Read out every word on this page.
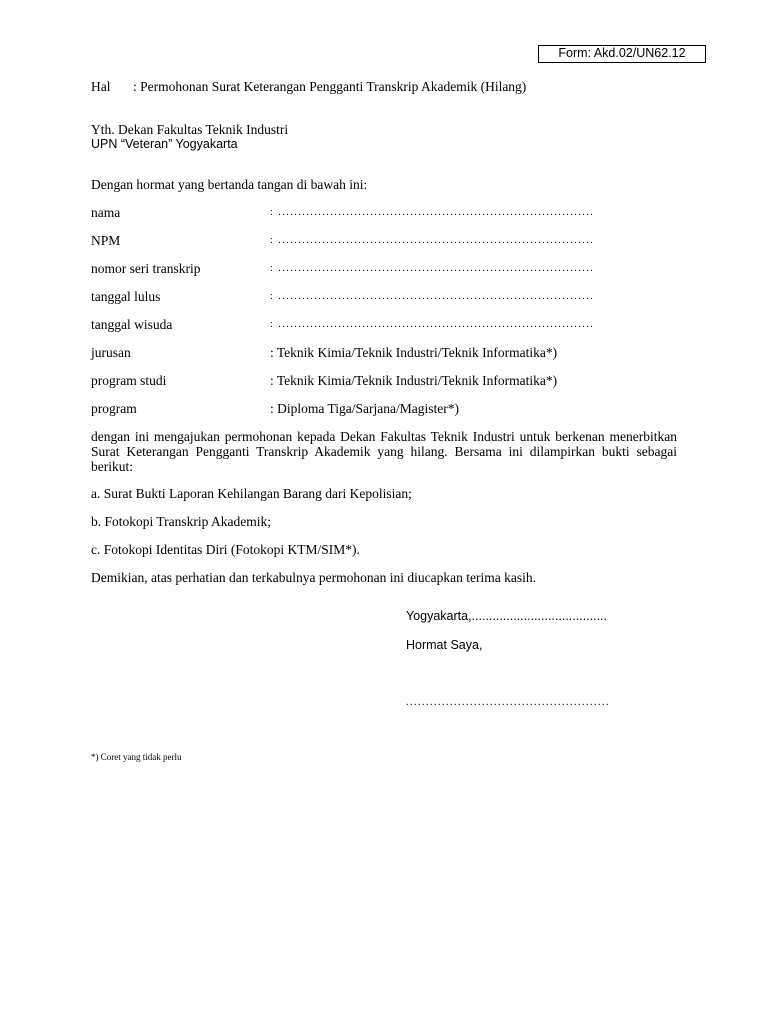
Form: Akd.02/UN62.12
Hal : Permohonan Surat Keterangan Pengganti Transkrip Akademik (Hilang)
Yth. Dekan Fakultas Teknik Industri
UPN “Veteran” Yogyakarta
Dengan hormat yang bertanda tangan di bawah ini:
nama	: ...............................................................................
NPM	: ...............................................................................
nomor seri transkrip	: ...............................................................................
tanggal lulus	: ...............................................................................
tanggal wisuda	: ...............................................................................
jurusan	: Teknik Kimia/Teknik Industri/Teknik Informatika*)
program studi	: Teknik Kimia/Teknik Industri/Teknik Informatika*)
program	: Diploma Tiga/Sarjana/Magister*)
dengan ini mengajukan permohonan kepada Dekan Fakultas Teknik Industri untuk berkenan menerbitkan Surat Keterangan Pengganti Transkrip Akademik yang hilang. Bersama ini dilampirkan bukti sebagai berikut:
a. Surat Bukti Laporan Kehilangan Barang dari Kepolisian;
b. Fotokopi Transkrip Akademik;
c. Fotokopi Identitas Diri (Fotokopi KTM/SIM*).
Demikian, atas perhatian dan terkabulnya permohonan ini diucapkan terima kasih.
Yogyakarta,.......................................
Hormat Saya,
...................................................
*) Coret yang tidak perlu
